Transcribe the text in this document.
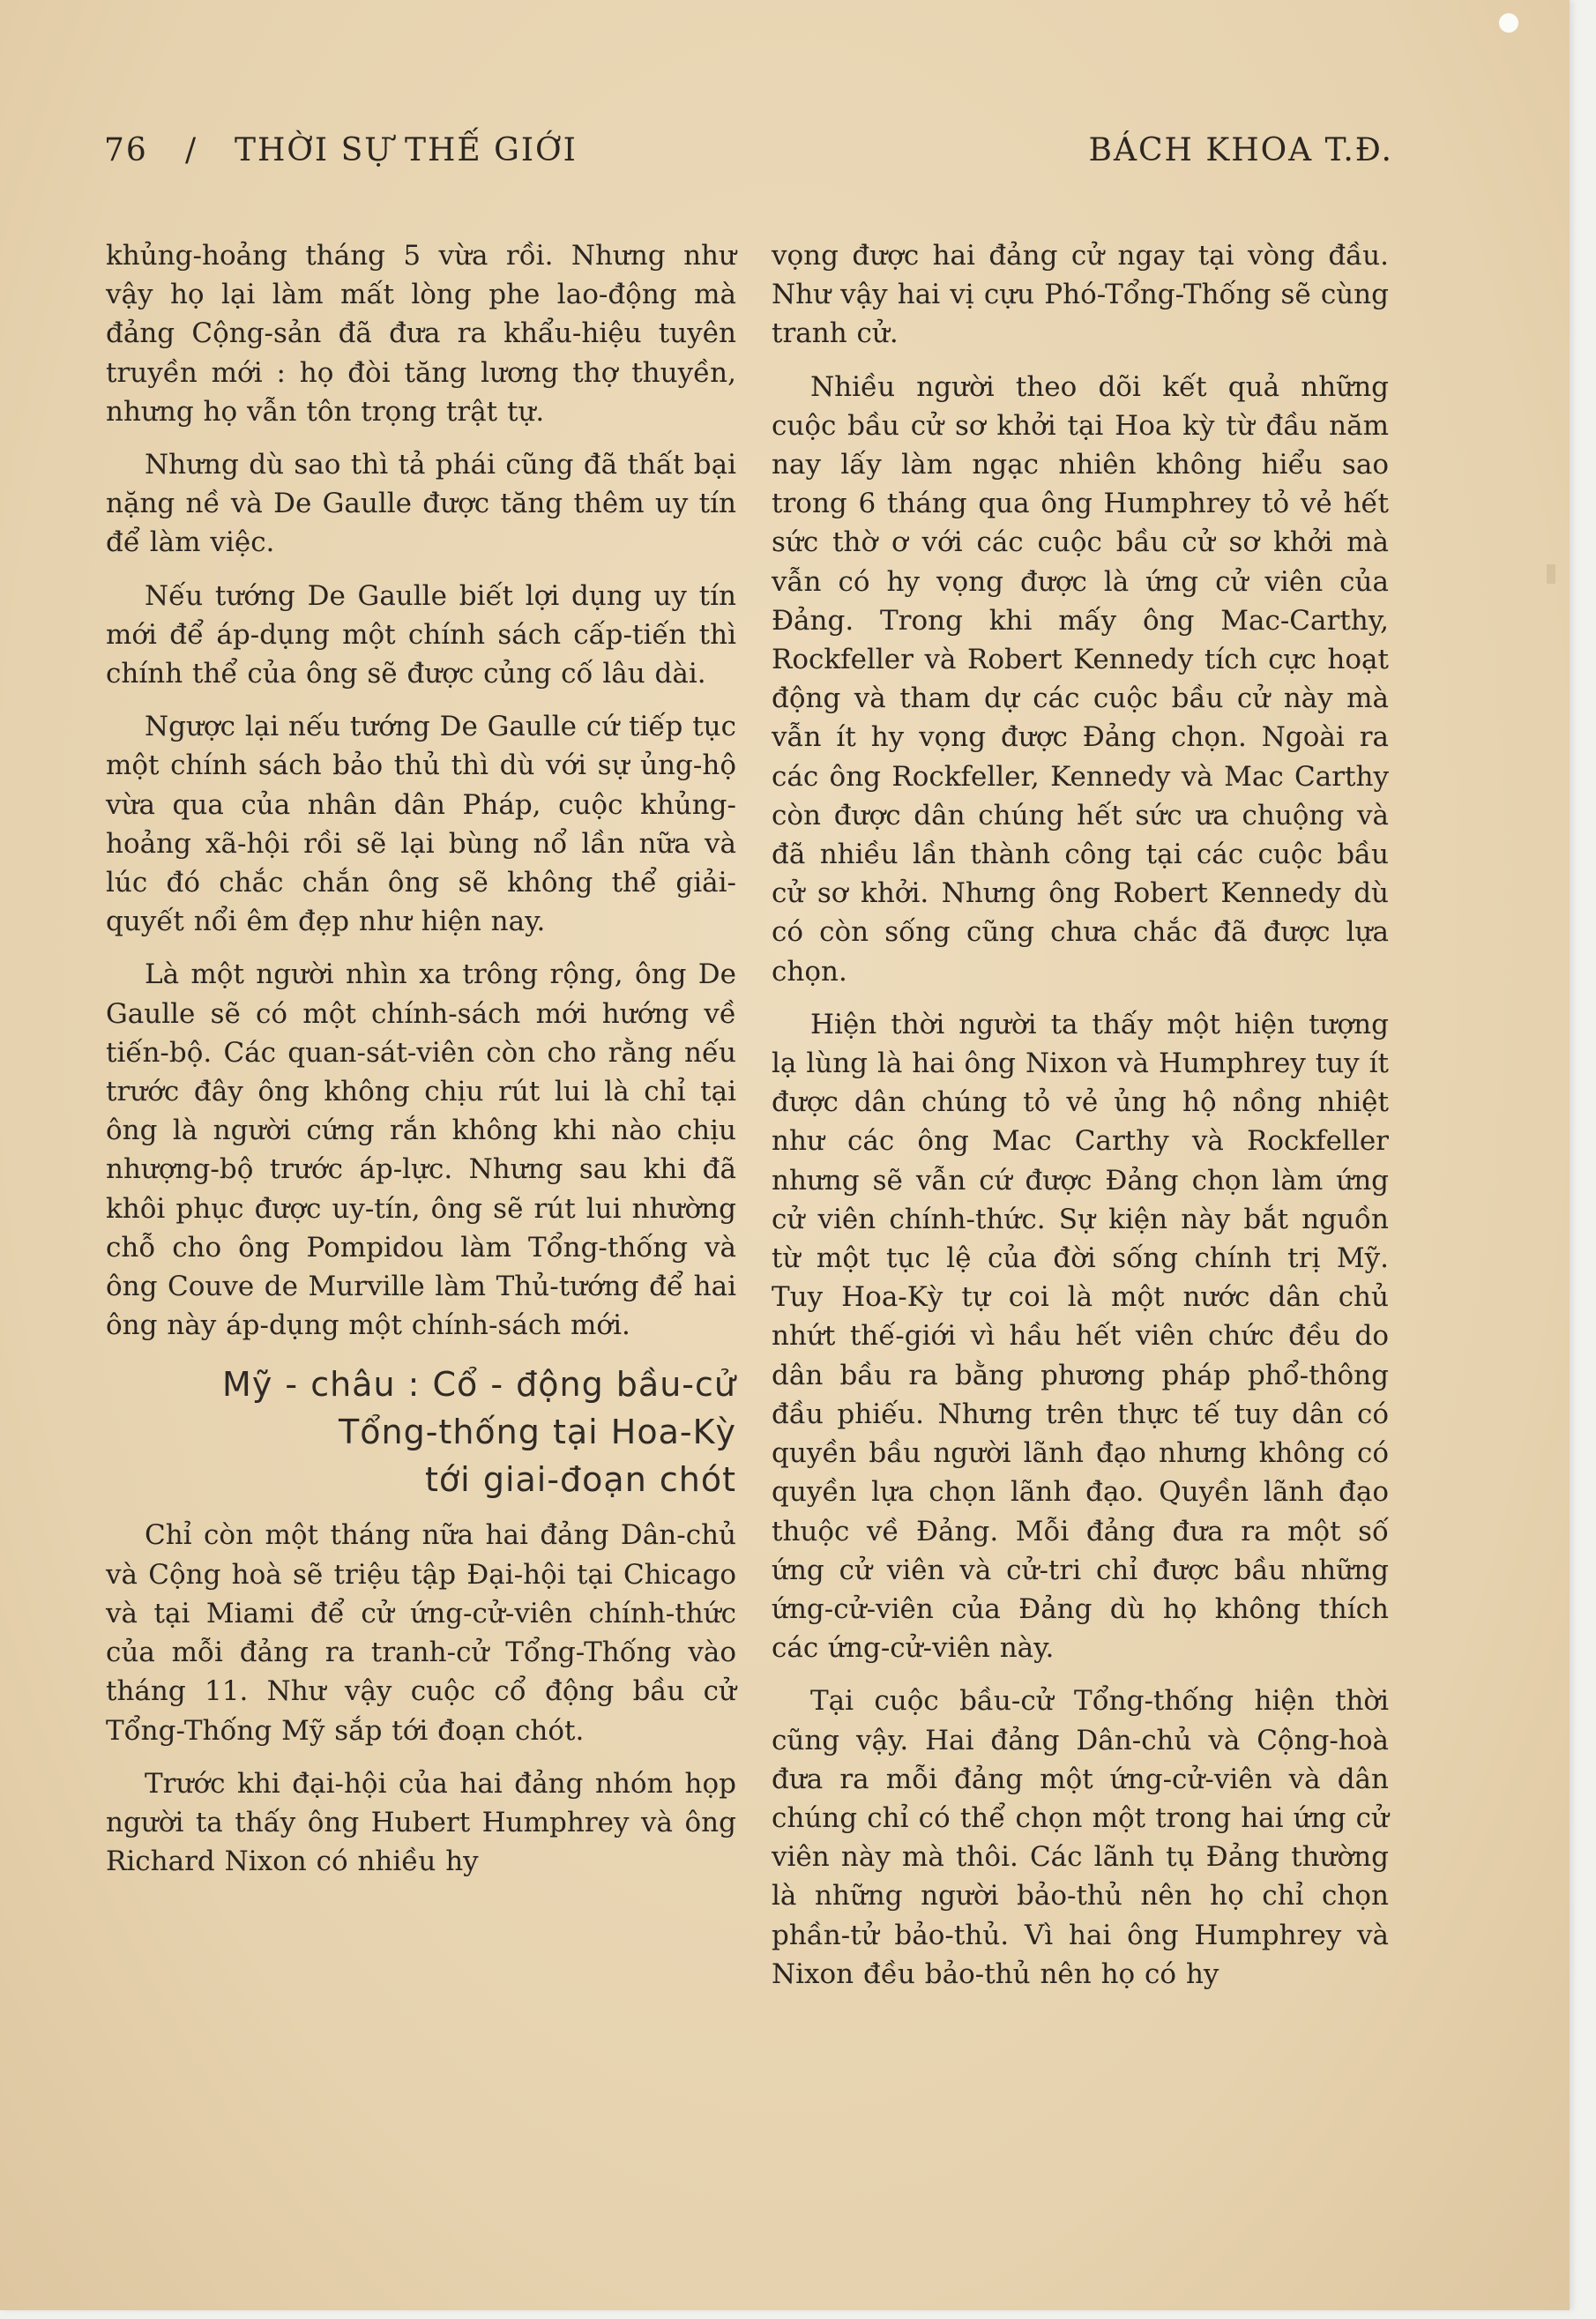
76 / THỜI SỰ THẾ GIỚI	BÁCH KHOA T.Đ.

khủng-hoảng tháng 5 vừa rồi. Nhưng như vậy họ lại làm mất lòng phe lao-động mà đảng Cộng-sản đã đưa ra khẩu-hiệu tuyên truyền mới : họ đòi tăng lương thợ thuyền, nhưng họ vẫn tôn trọng trật tự.

Nhưng dù sao thì tả phái cũng đã thất bại nặng nề và De Gaulle được tăng thêm uy tín để làm việc.

Nếu tướng De Gaulle biết lợi dụng uy tín mới để áp-dụng một chính sách cấp-tiến thì chính thể của ông sẽ được củng cố lâu dài.

Ngược lại nếu tướng De Gaulle cứ tiếp tục một chính sách bảo thủ thì dù với sự ủng-hộ vừa qua của nhân dân Pháp, cuộc khủng-hoảng xã-hội rồi sẽ lại bùng nổ lần nữa và lúc đó chắc chắn ông sẽ không thể giải-quyết nổi êm đẹp như hiện nay.

Là một người nhìn xa trông rộng, ông De Gaulle sẽ có một chính-sách mới hướng về tiến-bộ. Các quan-sát-viên còn cho rằng nếu trước đây ông không chịu rút lui là chỉ tại ông là người cứng rắn không khi nào chịu nhượng-bộ trước áp-lực. Nhưng sau khi đã khôi phục được uy-tín, ông sẽ rút lui nhường chỗ cho ông Pompidou làm Tổng-thống và ông Couve de Murville làm Thủ-tướng để hai ông này áp-dụng một chính-sách mới.

Mỹ - châu : Cổ - động bầu-cử
Tổng-thống tại Hoa-Kỳ
tới giai-đoạn chót

Chỉ còn một tháng nữa hai đảng Dân-chủ và Cộng hoà sẽ triệu tập Đại-hội tại Chicago và tại Miami để cử ứng-cử-viên chính-thức của mỗi đảng ra tranh-cử Tổng-Thống vào tháng 11. Như vậy cuộc cổ động bầu cử Tổng-Thống Mỹ sắp tới đoạn chót.

Trước khi đại-hội của hai đảng nhóm họp người ta thấy ông Hubert Humphrey và ông Richard Nixon có nhiều hy

vọng được hai đảng cử ngay tại vòng đầu. Như vậy hai vị cựu Phó-Tổng-Thống sẽ cùng tranh cử.

Nhiều người theo dõi kết quả những cuộc bầu cử sơ khởi tại Hoa kỳ từ đầu năm nay lấy làm ngạc nhiên không hiểu sao trong 6 tháng qua ông Humphrey tỏ vẻ hết sức thờ ơ với các cuộc bầu cử sơ khởi mà vẫn có hy vọng được là ứng cử viên của Đảng. Trong khi mấy ông Mac-Carthy, Rockfeller và Robert Kennedy tích cực hoạt động và tham dự các cuộc bầu cử này mà vẫn ít hy vọng được Đảng chọn. Ngoài ra các ông Rockfeller, Kennedy và Mac Carthy còn được dân chúng hết sức ưa chuộng và đã nhiều lần thành công tại các cuộc bầu cử sơ khởi. Nhưng ông Robert Kennedy dù có còn sống cũng chưa chắc đã được lựa chọn.

Hiện thời người ta thấy một hiện tượng lạ lùng là hai ông Nixon và Humphrey tuy ít được dân chúng tỏ vẻ ủng hộ nồng nhiệt như các ông Mac Carthy và Rockfeller nhưng sẽ vẫn cứ được Đảng chọn làm ứng cử viên chính-thức. Sự kiện này bắt nguồn từ một tục lệ của đời sống chính trị Mỹ. Tuy Hoa-Kỳ tự coi là một nước dân chủ nhứt thế-giới vì hầu hết viên chức đều do dân bầu ra bằng phương pháp phổ-thông đầu phiếu. Nhưng trên thực tế tuy dân có quyền bầu người lãnh đạo nhưng không có quyền lựa chọn lãnh đạo. Quyền lãnh đạo thuộc về Đảng. Mỗi đảng đưa ra một số ứng cử viên và cử-tri chỉ được bầu những ứng-cử-viên của Đảng dù họ không thích các ứng-cử-viên này.

Tại cuộc bầu-cử Tổng-thống hiện thời cũng vậy. Hai đảng Dân-chủ và Cộng-hoà đưa ra mỗi đảng một ứng-cử-viên và dân chúng chỉ có thể chọn một trong hai ứng cử viên này mà thôi. Các lãnh tụ Đảng thường là những người bảo-thủ nên họ chỉ chọn phần-tử bảo-thủ. Vì hai ông Humphrey và Nixon đều bảo-thủ nên họ có hy
